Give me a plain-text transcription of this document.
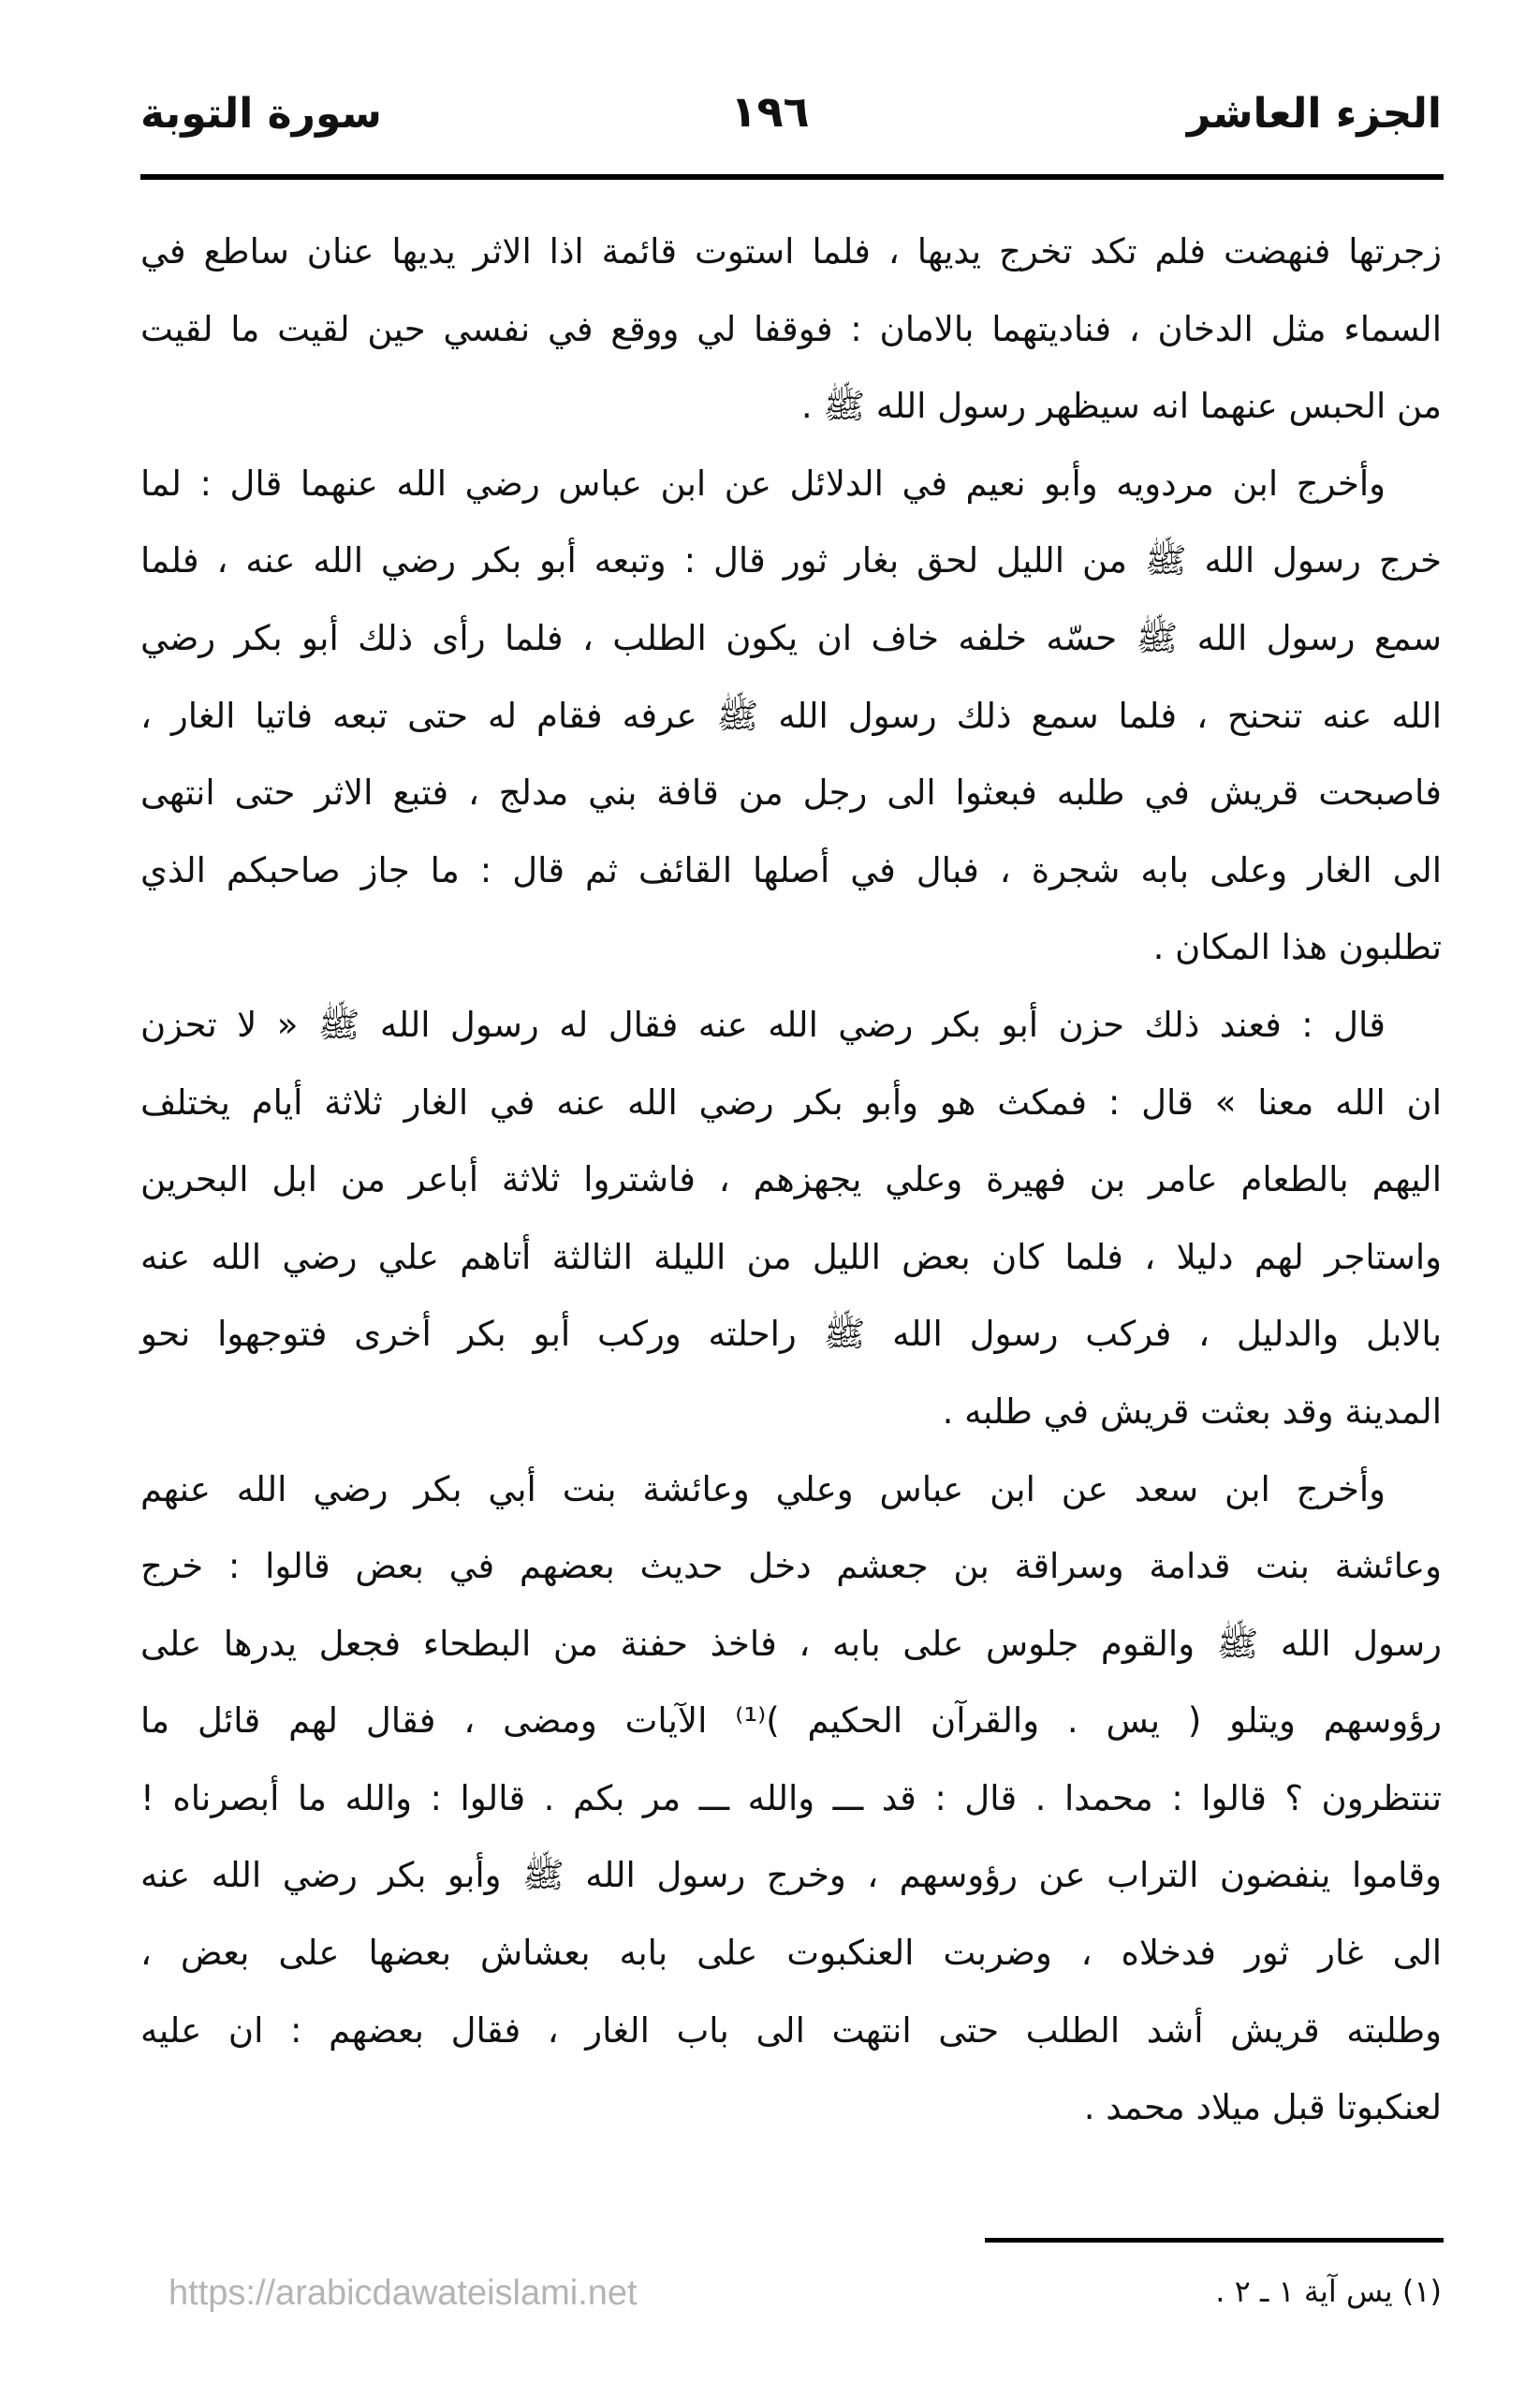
الجزء العاشر
١٩٦
سورة التوبة
زجرتها فنهضت فلم تكد تخرج يديها ، فلما استوت قائمة اذا الاثر يديها عنان ساطع في
السماء مثل الدخان ، فناديتهما بالامان : فوقفا لي ووقع في نفسي حين لقيت ما لقيت
من الحبس عنهما انه سيظهر رسول الله ﷺ .
وأخرج ابن مردويه وأبو نعيم في الدلائل عن ابن عباس رضي الله عنهما قال : لما
خرج رسول الله ﷺ من الليل لحق بغار ثور قال : وتبعه أبو بكر رضي الله عنه ، فلما
سمع رسول الله ﷺ حسّه خلفه خاف ان يكون الطلب ، فلما رأى ذلك أبو بكر رضي
الله عنه تنحنح ، فلما سمع ذلك رسول الله ﷺ عرفه فقام له حتى تبعه فاتيا الغار ،
فاصبحت قريش في طلبه فبعثوا الى رجل من قافة بني مدلج ، فتبع الاثر حتى انتهى
الى الغار وعلى بابه شجرة ، فبال في أصلها القائف ثم قال : ما جاز صاحبكم الذي
تطلبون هذا المكان .
قال : فعند ذلك حزن أبو بكر رضي الله عنه فقال له رسول الله ﷺ « لا تحزن
ان الله معنا » قال : فمكث هو وأبو بكر رضي الله عنه في الغار ثلاثة أيام يختلف
اليهم بالطعام عامر بن فهيرة وعلي يجهزهم ، فاشتروا ثلاثة أباعر من ابل البحرين
واستاجر لهم دليلا ، فلما كان بعض الليل من الليلة الثالثة أتاهم علي رضي الله عنه
بالابل والدليل ، فركب رسول الله ﷺ راحلته وركب أبو بكر أخرى فتوجهوا نحو
المدينة وقد بعثت قريش في طلبه .
وأخرج ابن سعد عن ابن عباس وعلي وعائشة بنت أبي بكر رضي الله عنهم
وعائشة بنت قدامة وسراقة بن جعشم دخل حديث بعضهم في بعض قالوا : خرج
رسول الله ﷺ والقوم جلوس على بابه ، فاخذ حفنة من البطحاء فجعل يدرها على
رؤوسهم ويتلو ( يس . والقرآن الحكيم )⁽¹⁾ الآيات ومضى ، فقال لهم قائل ما
تنتظرون ؟ قالوا : محمدا . قال : قد ـــ والله ـــ مر بكم . قالوا : والله ما أبصرناه !
وقاموا ينفضون التراب عن رؤوسهم ، وخرج رسول الله ﷺ وأبو بكر رضي الله عنه
الى غار ثور فدخلاه ، وضربت العنكبوت على بابه بعشاش بعضها على بعض ،
وطلبته قريش أشد الطلب حتى انتهت الى باب الغار ، فقال بعضهم : ان عليه
لعنكبوتا قبل ميلاد محمد .
(١) يس آية ١ ـ ٢ .
https://arabicdawateislami.net
